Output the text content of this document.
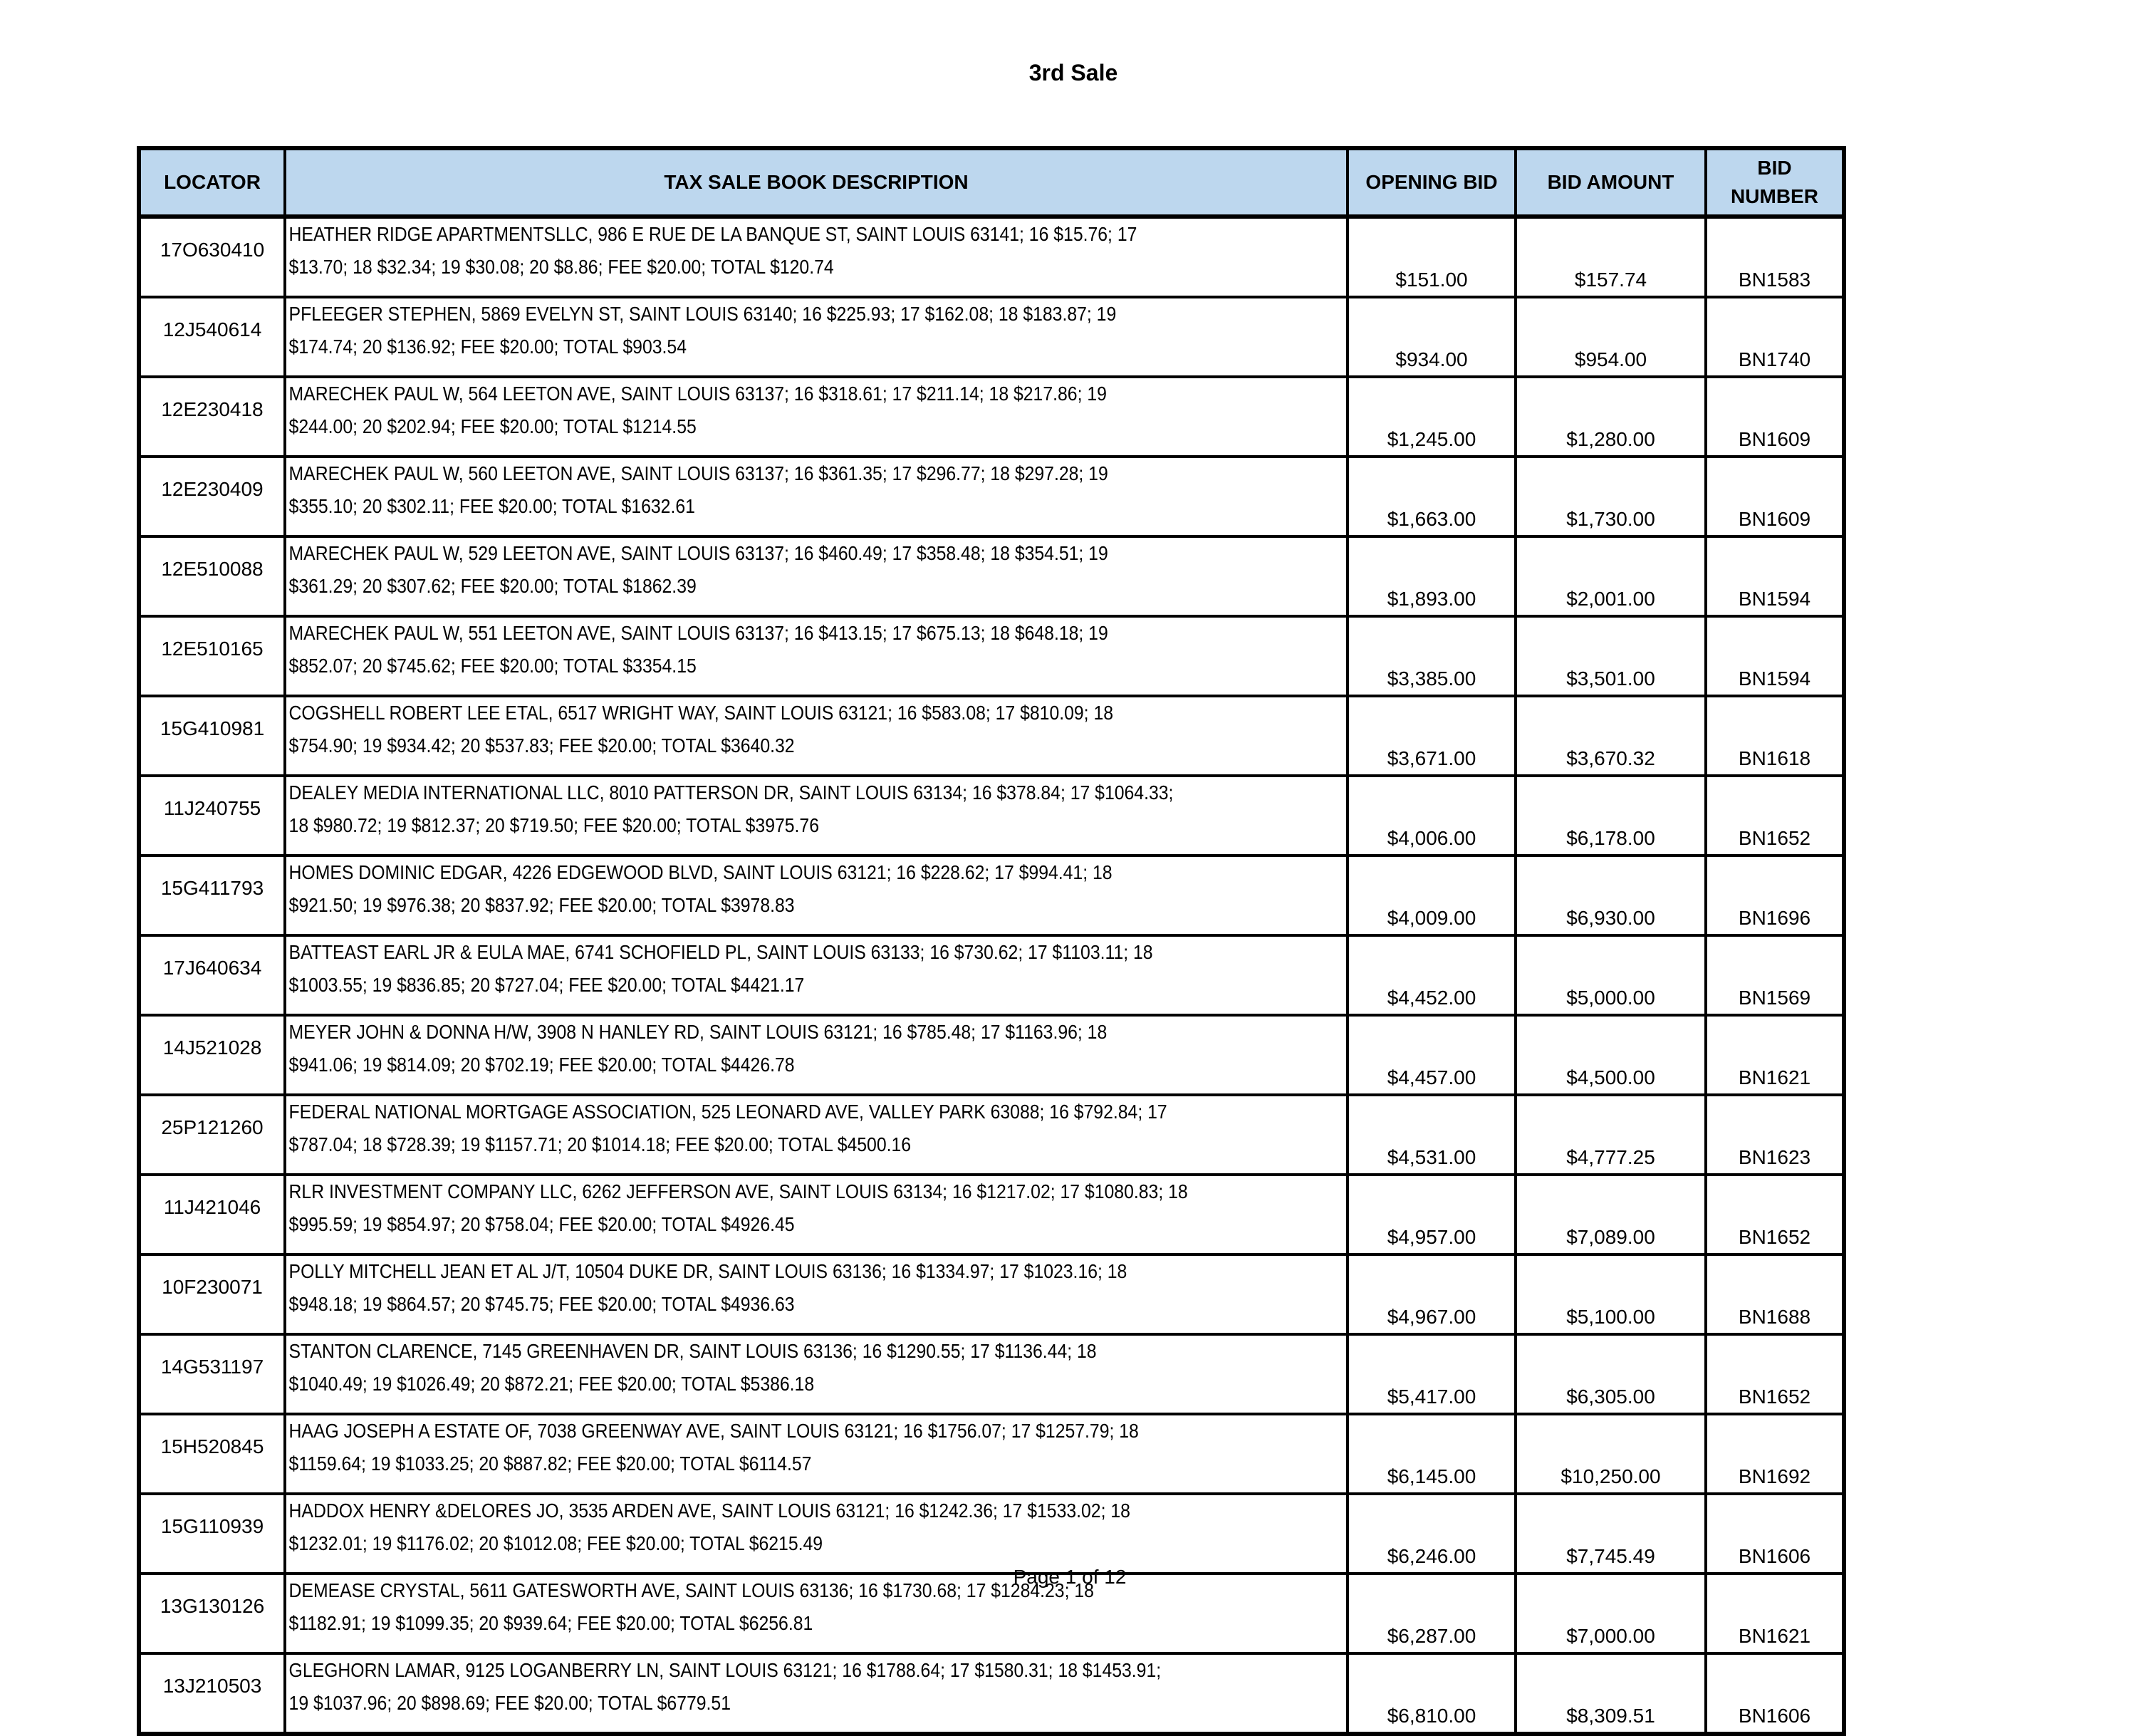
3rd Sale
LOCATOR	TAX SALE BOOK DESCRIPTION	OPENING BID	BID AMOUNT	BID NUMBER
17O630410	HEATHER RIDGE APARTMENTSLLC, 986 E RUE DE LA BANQUE ST, SAINT LOUIS 63141; 16 $15.76; 17
$13.70; 18 $32.34; 19 $30.08; 20 $8.86; FEE $20.00; TOTAL $120.74	$151.00	$157.74	BN1583
12J540614	PFLEEGER STEPHEN, 5869 EVELYN ST, SAINT LOUIS 63140; 16 $225.93; 17 $162.08; 18 $183.87; 19
$174.74; 20 $136.92; FEE $20.00; TOTAL $903.54	$934.00	$954.00	BN1740
12E230418	MARECHEK PAUL W, 564 LEETON AVE, SAINT LOUIS 63137; 16 $318.61; 17 $211.14; 18 $217.86; 19
$244.00; 20 $202.94; FEE $20.00; TOTAL $1214.55	$1,245.00	$1,280.00	BN1609
12E230409	MARECHEK PAUL W, 560 LEETON AVE, SAINT LOUIS 63137; 16 $361.35; 17 $296.77; 18 $297.28; 19
$355.10; 20 $302.11; FEE $20.00; TOTAL $1632.61	$1,663.00	$1,730.00	BN1609
12E510088	MARECHEK PAUL W, 529 LEETON AVE, SAINT LOUIS 63137; 16 $460.49; 17 $358.48; 18 $354.51; 19
$361.29; 20 $307.62; FEE $20.00; TOTAL $1862.39	$1,893.00	$2,001.00	BN1594
12E510165	MARECHEK PAUL W, 551 LEETON AVE, SAINT LOUIS 63137; 16 $413.15; 17 $675.13; 18 $648.18; 19
$852.07; 20 $745.62; FEE $20.00; TOTAL $3354.15	$3,385.00	$3,501.00	BN1594
15G410981	COGSHELL ROBERT LEE ETAL, 6517 WRIGHT WAY, SAINT LOUIS 63121; 16 $583.08; 17 $810.09; 18
$754.90; 19 $934.42; 20 $537.83; FEE $20.00; TOTAL $3640.32	$3,671.00	$3,670.32	BN1618
11J240755	DEALEY MEDIA INTERNATIONAL LLC, 8010 PATTERSON DR, SAINT LOUIS 63134; 16 $378.84; 17 $1064.33;
18 $980.72; 19 $812.37; 20 $719.50; FEE $20.00; TOTAL $3975.76	$4,006.00	$6,178.00	BN1652
15G411793	HOMES DOMINIC EDGAR, 4226 EDGEWOOD BLVD, SAINT LOUIS 63121; 16 $228.62; 17 $994.41; 18
$921.50; 19 $976.38; 20 $837.92; FEE $20.00; TOTAL $3978.83	$4,009.00	$6,930.00	BN1696
17J640634	BATTEAST EARL JR & EULA MAE, 6741 SCHOFIELD PL, SAINT LOUIS 63133; 16 $730.62; 17 $1103.11; 18
$1003.55; 19 $836.85; 20 $727.04; FEE $20.00; TOTAL $4421.17	$4,452.00	$5,000.00	BN1569
14J521028	MEYER JOHN & DONNA H/W, 3908 N HANLEY RD, SAINT LOUIS 63121; 16 $785.48; 17 $1163.96; 18
$941.06; 19 $814.09; 20 $702.19; FEE $20.00; TOTAL $4426.78	$4,457.00	$4,500.00	BN1621
25P121260	FEDERAL NATIONAL MORTGAGE ASSOCIATION, 525 LEONARD AVE, VALLEY PARK 63088; 16 $792.84; 17
$787.04; 18 $728.39; 19 $1157.71; 20 $1014.18; FEE $20.00; TOTAL $4500.16	$4,531.00	$4,777.25	BN1623
11J421046	RLR INVESTMENT COMPANY LLC, 6262 JEFFERSON AVE, SAINT LOUIS 63134; 16 $1217.02; 17 $1080.83; 18
$995.59; 19 $854.97; 20 $758.04; FEE $20.00; TOTAL $4926.45	$4,957.00	$7,089.00	BN1652
10F230071	POLLY MITCHELL JEAN ET AL J/T, 10504 DUKE DR, SAINT LOUIS 63136; 16 $1334.97; 17 $1023.16; 18
$948.18; 19 $864.57; 20 $745.75; FEE $20.00; TOTAL $4936.63	$4,967.00	$5,100.00	BN1688
14G531197	STANTON CLARENCE, 7145 GREENHAVEN DR, SAINT LOUIS 63136; 16 $1290.55; 17 $1136.44; 18
$1040.49; 19 $1026.49; 20 $872.21; FEE $20.00; TOTAL $5386.18	$5,417.00	$6,305.00	BN1652
15H520845	HAAG JOSEPH A ESTATE OF, 7038 GREENWAY AVE, SAINT LOUIS 63121; 16 $1756.07; 17 $1257.79; 18
$1159.64; 19 $1033.25; 20 $887.82; FEE $20.00; TOTAL $6114.57	$6,145.00	$10,250.00	BN1692
15G110939	HADDOX HENRY &DELORES JO, 3535 ARDEN AVE, SAINT LOUIS 63121; 16 $1242.36; 17 $1533.02; 18
$1232.01; 19 $1176.02; 20 $1012.08; FEE $20.00; TOTAL $6215.49	$6,246.00	$7,745.49	BN1606
13G130126	DEMEASE CRYSTAL, 5611 GATESWORTH AVE, SAINT LOUIS 63136; 16 $1730.68; 17 $1284.23; 18
$1182.91; 19 $1099.35; 20 $939.64; FEE $20.00; TOTAL $6256.81	$6,287.00	$7,000.00	BN1621
13J210503	GLEGHORN LAMAR, 9125 LOGANBERRY LN, SAINT LOUIS 63121; 16 $1788.64; 17 $1580.31; 18 $1453.91;
19 $1037.96; 20 $898.69; FEE $20.00; TOTAL $6779.51	$6,810.00	$8,309.51	BN1606
Page 1 of 12
